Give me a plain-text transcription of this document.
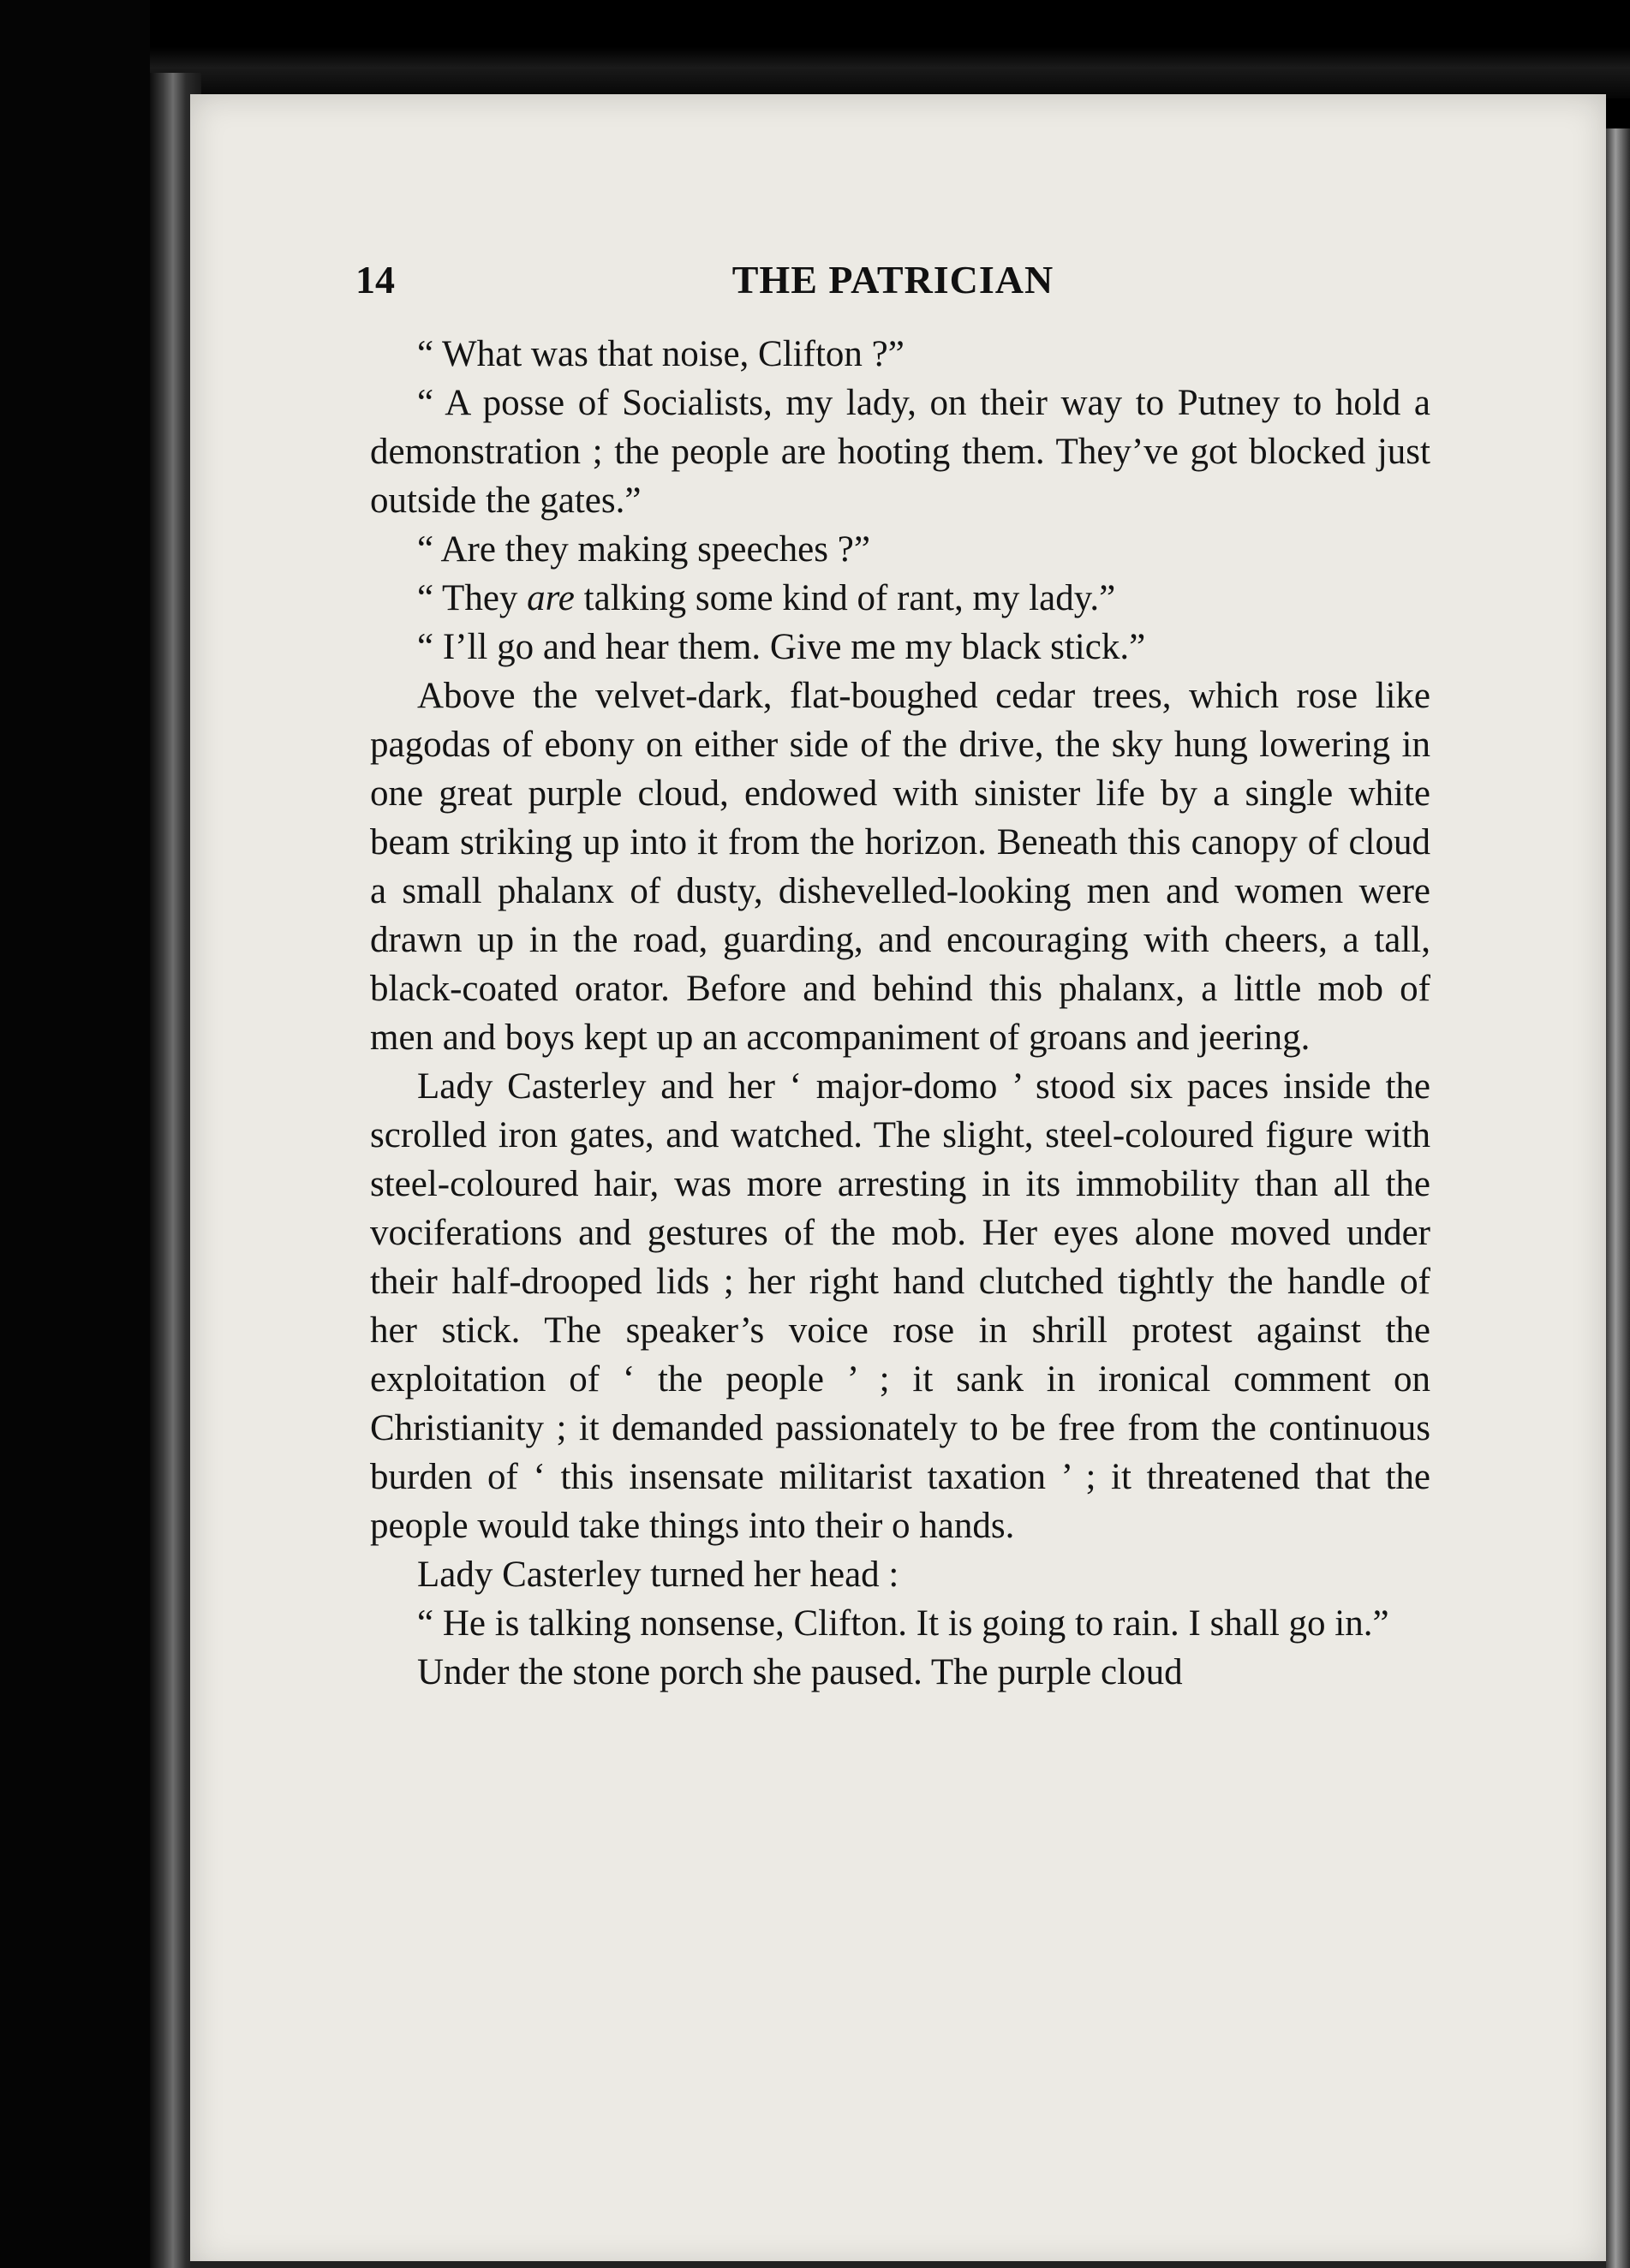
14	THE PATRICIAN

“ What was that noise, Clifton ?”

“ A posse of Socialists, my lady, on their way to Putney to hold a demonstration ; the people are hooting them. They’ve got blocked just outside the gates.”

“ Are they making speeches ?”

“ They are talking some kind of rant, my lady.”

“ I’ll go and hear them. Give me my black stick.”

Above the velvet-dark, flat-boughed cedar trees, which rose like pagodas of ebony on either side of the drive, the sky hung lowering in one great purple cloud, endowed with sinister life by a single white beam striking up into it from the horizon. Beneath this canopy of cloud a small phalanx of dusty, dishevelled-looking men and women were drawn up in the road, guarding, and encouraging with cheers, a tall, black-coated orator. Before and behind this phalanx, a little mob of men and boys kept up an accompaniment of groans and jeering.

Lady Casterley and her ‘ major-domo ’ stood six paces inside the scrolled iron gates, and watched. The slight, steel-coloured figure with steel-coloured hair, was more arresting in its immobility than all the vociferations and gestures of the mob. Her eyes alone moved under their half-drooped lids ; her right hand clutched tightly the handle of her stick. The speaker’s voice rose in shrill protest against the exploitation of ‘ the people ’ ; it sank in ironical comment on Christianity ; it demanded passionately to be free from the continuous burden of ‘ this insensate militarist taxation ’ ; it threatened that the people would take things into their o hands.

Lady Casterley turned her head :

“ He is talking nonsense, Clifton. It is going to rain. I shall go in.”

Under the stone porch she paused. The purple cloud
